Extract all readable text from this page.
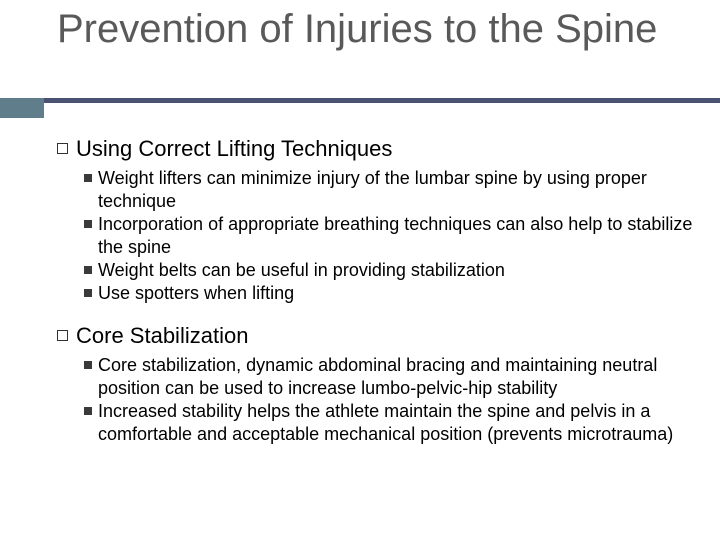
Prevention of Injuries to the Spine
Using Correct Lifting Techniques
Weight lifters can minimize injury of the lumbar spine by using proper technique
Incorporation of appropriate breathing techniques can also help to stabilize the spine
Weight belts can be useful in providing stabilization
Use spotters when lifting
Core Stabilization
Core stabilization, dynamic abdominal bracing and maintaining neutral position can be used to increase lumbo-pelvic-hip stability
Increased stability helps the athlete maintain the spine and pelvis in a comfortable and acceptable mechanical position (prevents microtrauma)
